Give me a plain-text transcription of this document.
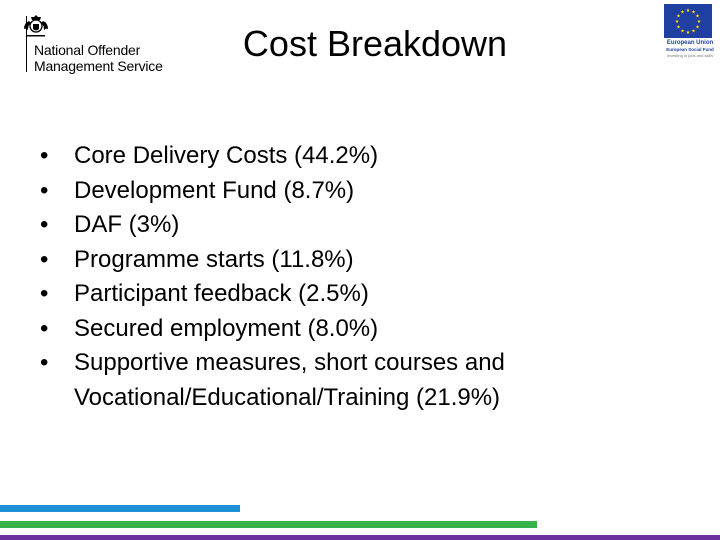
National Offender
Management Service
Cost Breakdown
★ ★
★
★
★
★
★
★
★
★
★
★
European Union
European Social Fund
Investing in jobs and skills
•	Core Delivery Costs (44.2%)
•	Development Fund (8.7%)
•	DAF (3%)
•	Programme starts (11.8%)
•	Participant feedback (2.5%)
•	Secured employment (8.0%)
•	Supportive measures, short courses and Vocational/Educational/Training (21.9%)
